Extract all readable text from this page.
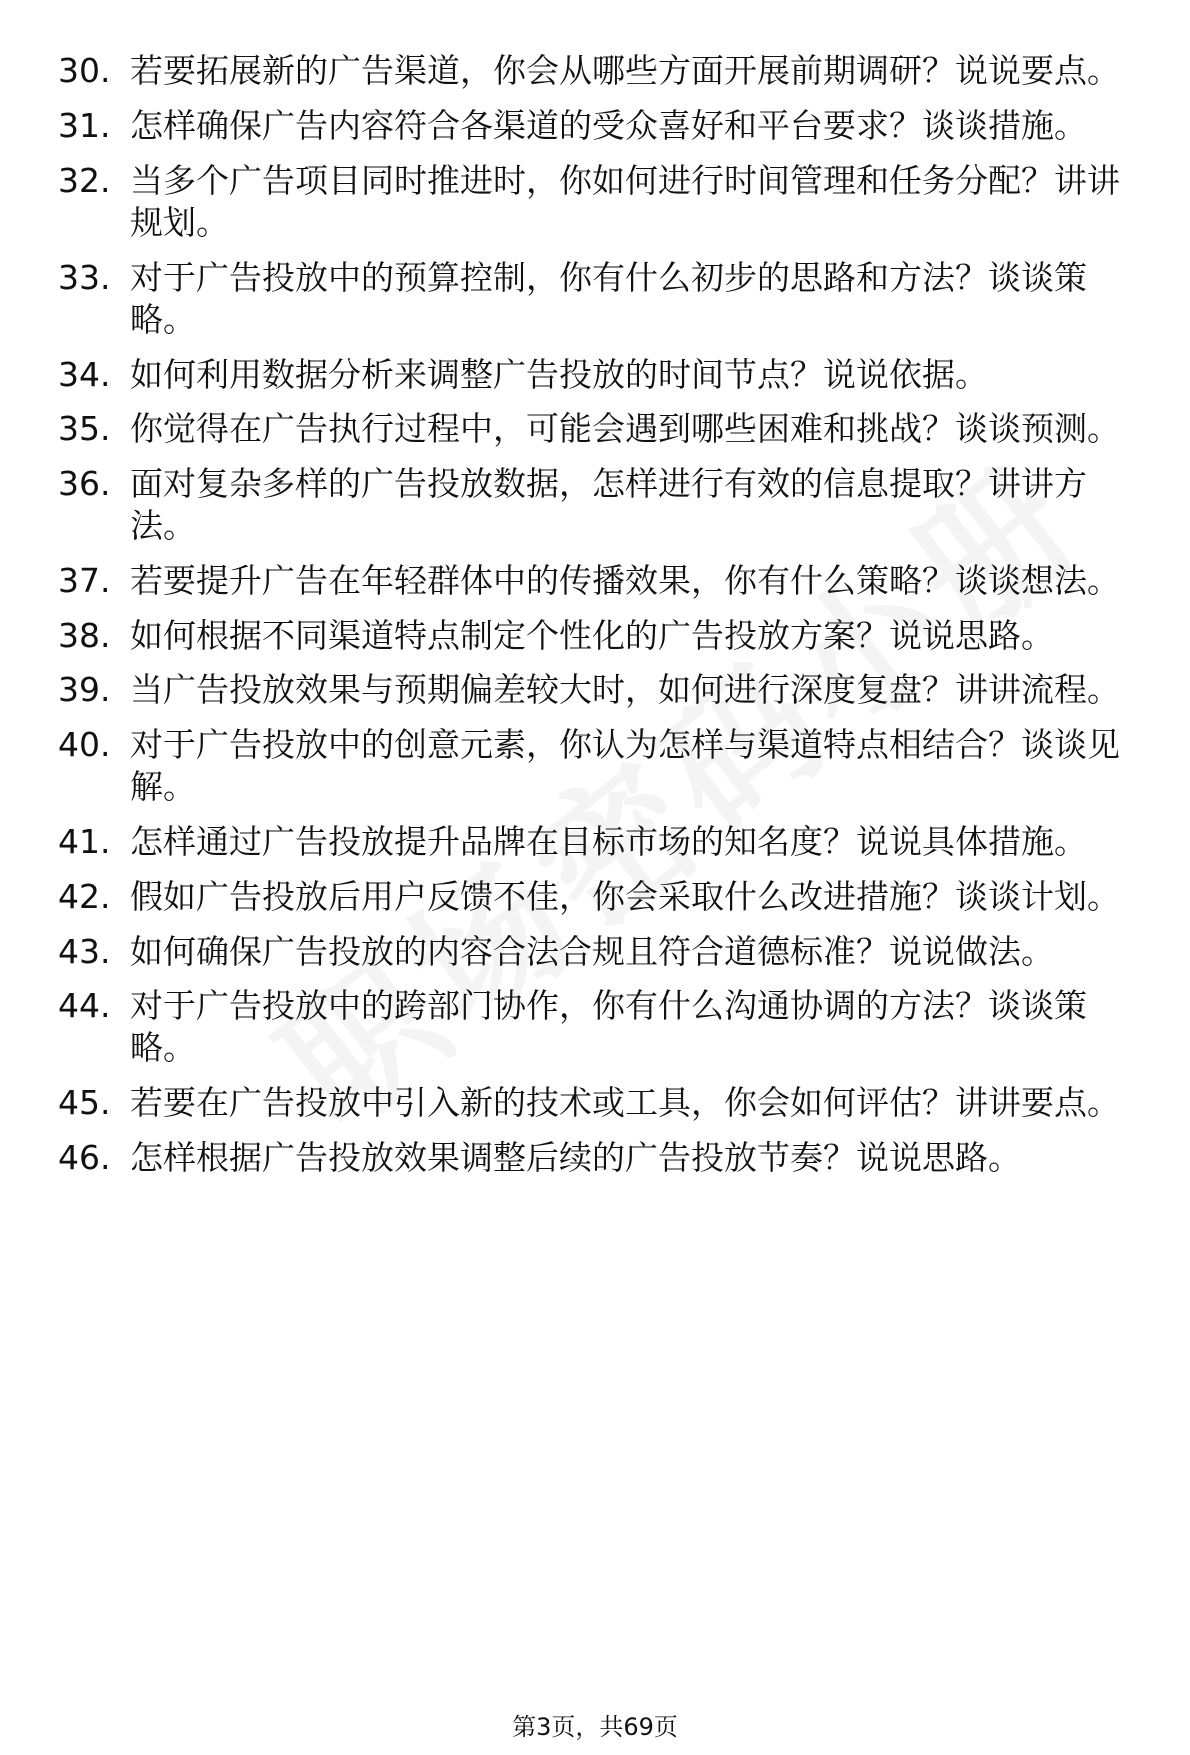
30. 若要拓展新的广告渠道，你会从哪些方面开展前期调研？说说要点。
31. 怎样确保广告内容符合各渠道的受众喜好和平台要求？谈谈措施。
32. 当多个广告项目同时推进时，你如何进行时间管理和任务分配？讲讲规划。
33. 对于广告投放中的预算控制，你有什么初步的思路和方法？谈谈策略。
34. 如何利用数据分析来调整广告投放的时间节点？说说依据。
35. 你觉得在广告执行过程中，可能会遇到哪些困难和挑战？谈谈预测。
36. 面对复杂多样的广告投放数据，怎样进行有效的信息提取？讲讲方法。
37. 若要提升广告在年轻群体中的传播效果，你有什么策略？谈谈想法。
38. 如何根据不同渠道特点制定个性化的广告投放方案？说说思路。
39. 当广告投放效果与预期偏差较大时，如何进行深度复盘？讲讲流程。
40. 对于广告投放中的创意元素，你认为怎样与渠道特点相结合？谈谈见解。
41. 怎样通过广告投放提升品牌在目标市场的知名度？说说具体措施。
42. 假如广告投放后用户反馈不佳，你会采取什么改进措施？谈谈计划。
43. 如何确保广告投放的内容合法合规且符合道德标准？说说做法。
44. 对于广告投放中的跨部门协作，你有什么沟通协调的方法？谈谈策略。
45. 若要在广告投放中引入新的技术或工具，你会如何评估？讲讲要点。
46. 怎样根据广告投放效果调整后续的广告投放节奏？说说思路。
第3页，共69页
